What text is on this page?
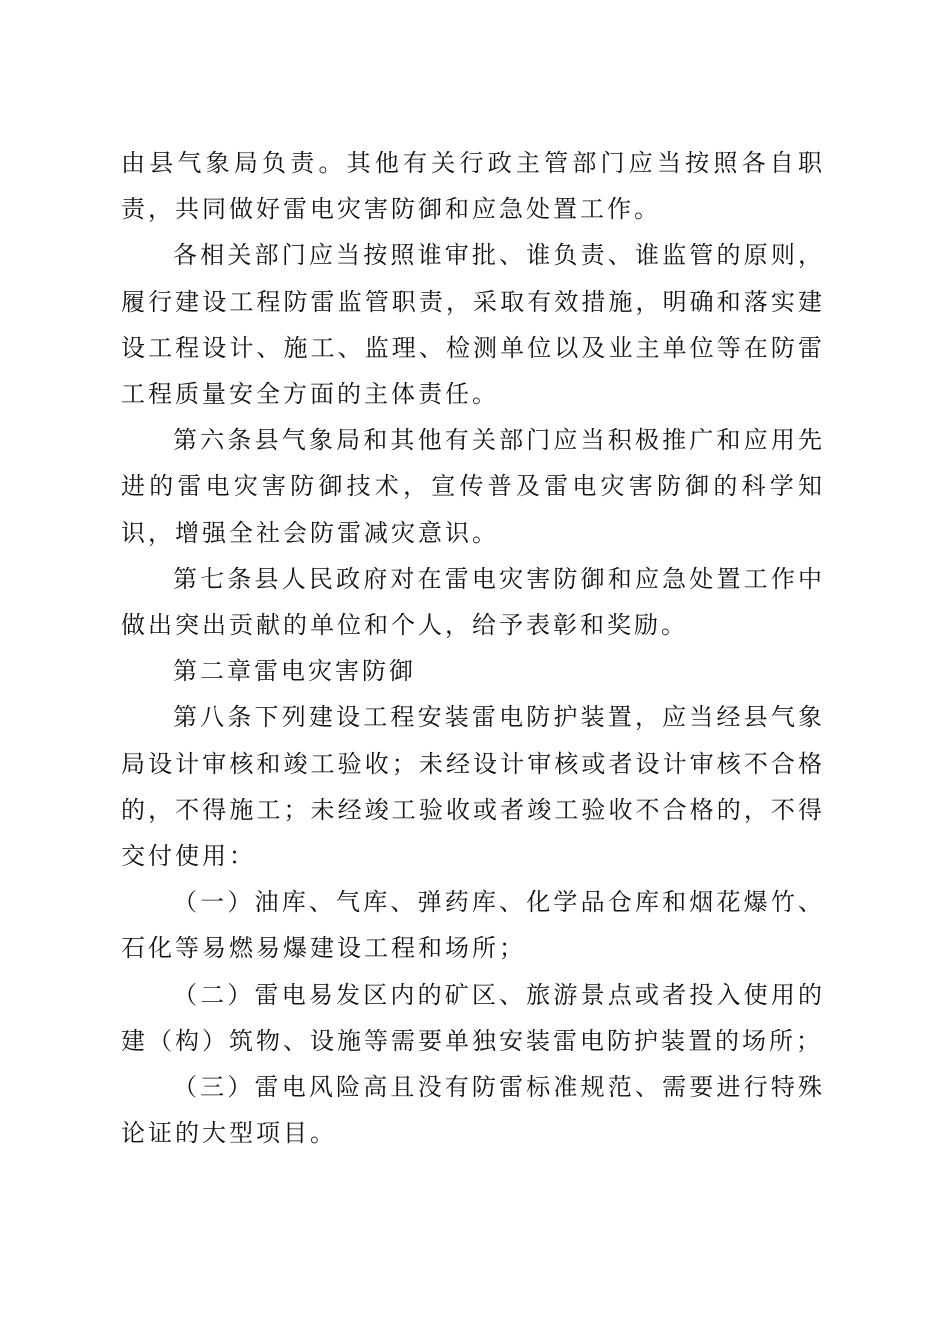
由县气象局负责。其他有关行政主管部门应当按照各自职责，共同做好雷电灾害防御和应急处置工作。

各相关部门应当按照谁审批、谁负责、谁监管的原则，履行建设工程防雷监管职责，采取有效措施，明确和落实建设工程设计、施工、监理、检测单位以及业主单位等在防雷工程质量安全方面的主体责任。

第六条县气象局和其他有关部门应当积极推广和应用先进的雷电灾害防御技术，宣传普及雷电灾害防御的科学知识，增强全社会防雷减灾意识。

第七条县人民政府对在雷电灾害防御和应急处置工作中做出突出贡献的单位和个人，给予表彰和奖励。

第二章雷电灾害防御

第八条下列建设工程安装雷电防护装置，应当经县气象局设计审核和竣工验收；未经设计审核或者设计审核不合格的，不得施工；未经竣工验收或者竣工验收不合格的，不得交付使用：

（一）油库、气库、弹药库、化学品仓库和烟花爆竹、石化等易燃易爆建设工程和场所；

（二）雷电易发区内的矿区、旅游景点或者投入使用的建（构）筑物、设施等需要单独安装雷电防护装置的场所；

（三）雷电风险高且没有防雷标准规范、需要进行特殊论证的大型项目。
